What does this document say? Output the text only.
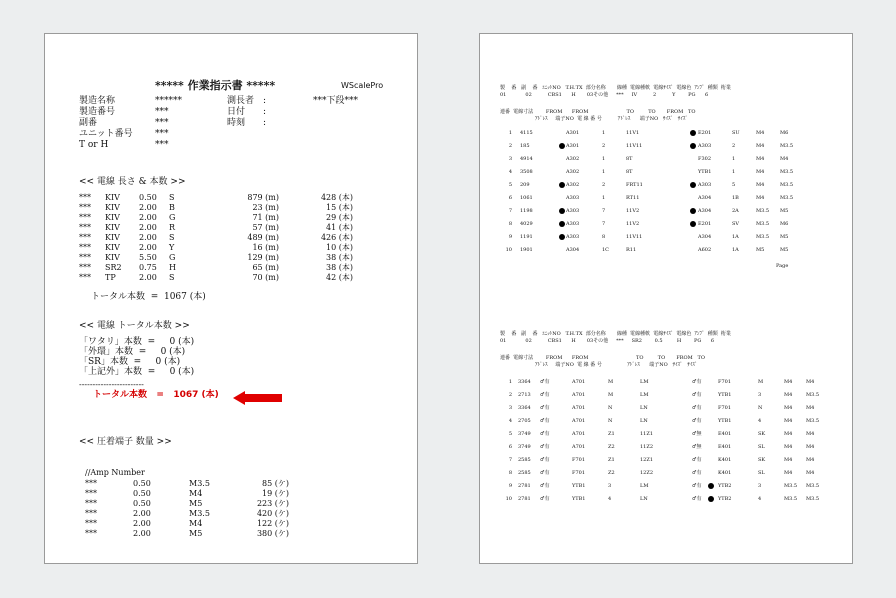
***** 作業指示書 *****	WScalePro
<< 電線 長さ & 本数 >>
トータル本数  =  1067 (本)
<< 電線 トータル本数 >>
------------------------
トータル本数   =   1067 (本)
<< 圧着端子 数量 >>
//Amp Number
製造名称	******	測長者 :	***下段***
製造番号	***	日付 :
副番	***	時刻 :
ユニット番号 ***
T or H	***
*** KIV 0.50 S	879 (m)	428 (本)
*** KIV 2.00 B	23 (m)	15 (本)
*** KIV 2.00 G	71 (m)	29 (本)
*** KIV 2.00 R	57 (m)	41 (本)
*** KIV 2.00 S	489 (m)	426 (本)
*** KIV 2.00 Y	16 (m)	10 (本)
*** KIV 5.50 G	129 (m)	38 (本)
*** SR2 0.75 H	65 (m)	38 (本)
*** TP	2.00 S	70 (m)	42 (本)
「ワタリ」本数  =     0 (本)
「外環」本数  =     0 (本)
「SR」本数  =     0 (本)
「上記外」本数  =     0 (本)
***	0.50	M3.5	85 (ケ)
***	0.50	M4	19 (ケ)
***	0.50	M5	223 (ケ)
***	2.00	M3.5	420 (ケ)
***	2.00	M4	122 (ケ)
***	2.00	M5	380 (ケ)
製    番   副    番   ﾕﾆｯﾄNO   T.H.TX  部分名称       線種  電線種軟  電線ｻｲｽﾞ  電線色  ｱﾝﾌﾟ  種類  桁業
01            02          CBS1      H       03その他     ***     IV          2          Y        PG      6
連番  電線寸法        FROM      FROM                        TO         TO       FROM   TO
ｱﾄﾞﾚｽ     端子NO  電 線 番 号          ｱﾄﾞﾚｽ      端子NO   ｻｲｽﾞ   ｻｲｽﾞ
Page
製    番   副    番   ﾕﾆｯﾄNO   T.H.TX  部分名称       線種  電線種軟  電線ｻｲｽﾞ  電線色  ｱﾝﾌﾟ  種類  桁業
01            02          CBS1      H       03その他     ***     SR2        0.5         H        PG      6
連番  電線寸法        FROM      FROM                              TO         TO       FROM   TO
ｱﾄﾞﾚｽ     端子NO  電 線 番 号                ｱﾄﾞﾚｽ      端子NO   ｻｲｽﾞ   ｻｲｽﾞ
1 4115	A301	1	11V1	E201	SU	M4	M6
2 185	A301	2	11V11	A303	2	M4	M3.5
3 4914	A302	1	8T	F302	1	M4	M4
4 3508	A302	1	8T	YTB1	1	M4	M3.5
5 209	A302	2	FRT11	A303	5	M4	M3.5
6 1061	A303	1	RT11	A304	1B	M4	M3.5
7 1198	A303	7	11V2	A304	2A	M3.5 M5
8 4029	A303	7	11V2	E201	SV	M3.5 M6
9 1191	A303	8	11V11	A304	1A	M3.5 M5
10 1901	A304	1C	R11	A602	1A	M5	M5
1 3364 ♂有	A701	M	LM	♂有	F701	M	M4	M4
2 2713 ♂有	A701	M	LM	♂有	YTB1	3	M4	M3.5
3 3364 ♂有	A701	N	LN	♂有	F701	N	M4	M4
4 2705 ♂有	A701	N	LN	♂有	YTB1	4	M4	M3.5
5 3749 ♂有	A701	Z1	11Z1	♂無	E401	SK	M4	M4
6 3749 ♂有	A701	Z2	11Z2	♂無	E401	SL	M4	M4
7 2585 ♂有	F701	Z1	12Z1	♂有	K401	SK	M4	M4
8 2585 ♂有	F701	Z2	12Z2	♂有	K401	SL	M4	M4
9 2781 ♂有	YTB1	3	LM	♂有	YTB2	3	M3.5 M3.5
10 2781 ♂有	YTB1	4	LN	♂有	YTB2	4	M3.5 M3.5
